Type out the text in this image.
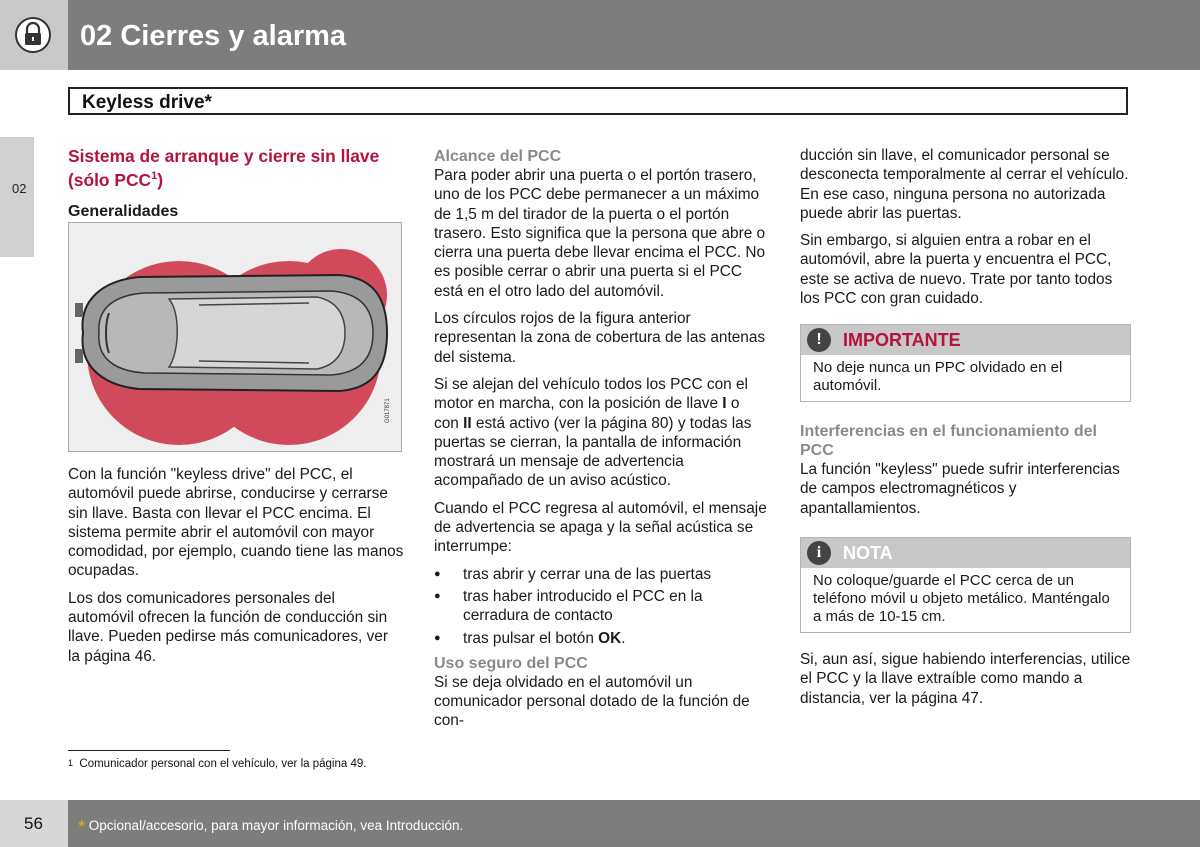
02 Cierres y alarma
Keyless drive*
02
Sistema de arranque y cierre sin llave
(sólo PCC$^1$)
Generalidades
G017871

Con la función "keyless drive" del PCC, el automóvil puede abrirse, conducirse y cerrarse sin llave. Basta con llevar el PCC encima. El sistema permite abrir el automóvil con mayor comodidad, por ejemplo, cuando tiene las manos ocupadas.

Los dos comunicadores personales del automóvil ofrecen la función de conducción sin llave. Pueden pedirse más comunicadores, ver la página 46.

Alcance del PCC

Para poder abrir una puerta o el portón trasero, uno de los PCC debe permanecer a un máximo de 1,5 m del tirador de la puerta o el portón trasero. Esto significa que la persona que abre o cierra una puerta debe llevar encima el PCC. No es posible cerrar o abrir una puerta si el PCC está en el otro lado del automóvil.

Los círculos rojos de la figura anterior representan la zona de cobertura de las antenas del sistema.

Si se alejan del vehículo todos los PCC con el motor en marcha, con la posición de llave I o con II está activo (ver la página 80) y todas las puertas se cierran, la pantalla de información mostrará un mensaje de advertencia acompañado de un aviso acústico.

Cuando el PCC regresa al automóvil, el mensaje de advertencia se apaga y la señal acústica se interrumpe:

● tras abrir y cerrar una de las puertas
● tras haber introducido el PCC en la cerradura de contacto
● tras pulsar el botón OK.
Uso seguro del PCC

Si se deja olvidado en el automóvil un comunicador personal dotado de la función de con-

ducción sin llave, el comunicador personal se desconecta temporalmente al cerrar el vehículo. En ese caso, ninguna persona no autorizada puede abrir las puertas.

Sin embargo, si alguien entra a robar en el automóvil, abre la puerta y encuentra el PCC, este se activa de nuevo. Trate por tanto todos los PCC con gran cuidado.

!	IMPORTANTE
No deje nunca un PPC olvidado en el automóvil.
Interferencias en el funcionamiento del PCC

La función "keyless" puede sufrir interferencias de campos electromagnéticos y apantallamientos.

i	NOTA
No coloque/guarde el PCC cerca de un teléfono móvil u objeto metálico. Manténgalo a más de 10-15 cm.

Si, aun así, sigue habiendo interferencias, utilice el PCC y la llave extraíble como mando a distancia, ver la página 47.

$^1$ Comunicador personal con el vehículo, ver la página 49.
56 * Opcional/accesorio, para mayor información, vea Introducción.
